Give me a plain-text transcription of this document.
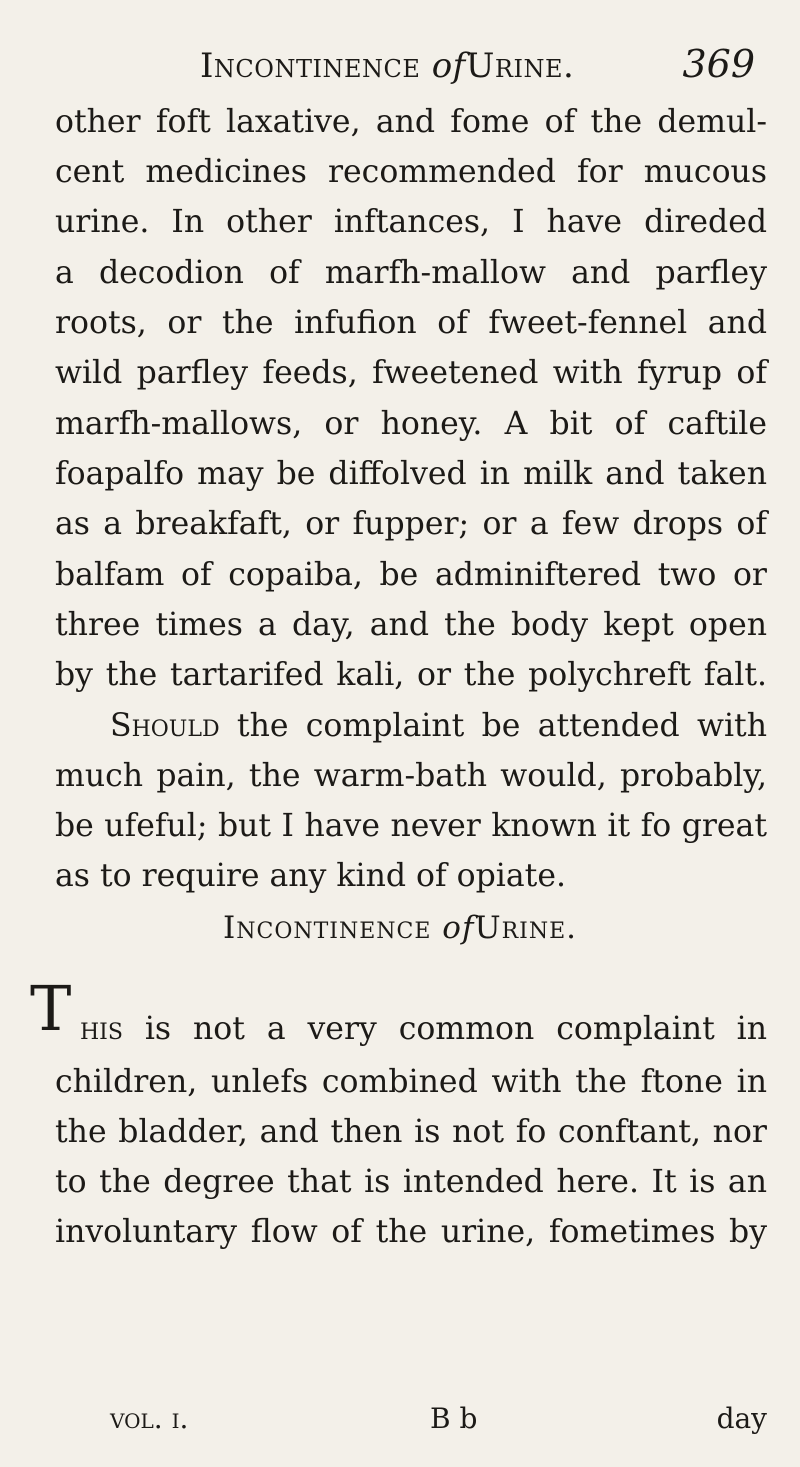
Incontinence ofUrine.	369
other foft laxative, and fome of the demul-
cent medicines recommended for mucous
urine. In other inftances, I have direded
a decodion of marfh-mallow and parfley
roots, or the infufion of fweet-fennel and
wild parfley feeds, fweetened with fyrup of
marfh-mallows, or honey. A bit of caftile
foapalfo may be diffolved in milk and taken
as a breakfaft, or fupper; or a few drops of
balfam of copaiba, be adminiftered two or
three times a day, and the body kept open
by the tartarifed kali, or the polychreft falt.
Should the complaint be attended with
much pain, the warm-bath would, probably,
be ufeful; but I have never known it fo great
as to require any kind of opiate.
Incontinence ofUrine.
T his is not a very common complaint in
children, unlefs combined with the ftone in
the bladder, and then is not fo conftant, nor
to the degree that is intended here. It is an
involuntary flow of the urine, fometimes by
vol. i.	B b	day
